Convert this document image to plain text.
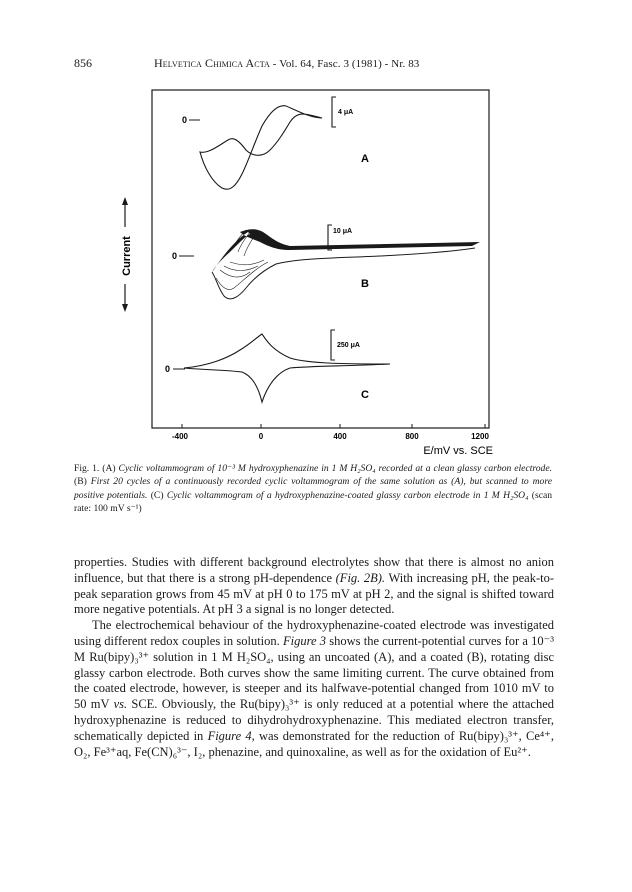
856	Helvetica Chimica Acta - Vol. 64, Fasc. 3 (1981) - Nr. 83
Current
0
4 μA
A
0
10 μA
B
0
250 μA
C
-400	0	400	800	1200
E/mV vs. SCE
Fig. 1. (A) Cyclic voltammogram of 10⁻³ M hydroxyphenazine in 1 M H₂SO₄ recorded at a clean glassy carbon electrode. (B) First 20 cycles of a continuously recorded cyclic voltammogram of the same solution as (A), but scanned to more positive potentials. (C) Cyclic voltammogram of a hydroxyphenazine-coated glassy carbon electrode in 1 M H₂SO₄ (scan rate: 100 mV s⁻¹)

properties. Studies with different background electrolytes show that there is almost no anion influence, but that there is a strong pH-dependence (Fig. 2B). With increasing pH, the peak-to-peak separation grows from 45 mV at pH 0 to 175 mV at pH 2, and the signal is shifted toward more negative potentials. At pH 3 a signal is no longer detected.

The electrochemical behaviour of the hydroxyphenazine-coated electrode was investigated using different redox couples in solution. Figure 3 shows the current-potential curves for a 10⁻³ M Ru(bipy)₃³⁺ solution in 1 M H₂SO₄, using an uncoated (A), and a coated (B), rotating disc glassy carbon electrode. Both curves show the same limiting current. The curve obtained from the coated electrode, however, is steeper and its halfwave-potential changed from 1010 mV to 50 mV vs. SCE. Obviously, the Ru(bipy)₃³⁺ is only reduced at a potential where the attached hydroxyphenazine is reduced to dihydrohydroxyphenazine. This mediated electron transfer, schematically depicted in Figure 4, was demonstrated for the reduction of Ru(bipy)₃³⁺, Ce⁴⁺, O₂, Fe³⁺aq, Fe(CN)₆³⁻, I₂, phenazine, and quinoxaline, as well as for the oxidation of Eu²⁺.
